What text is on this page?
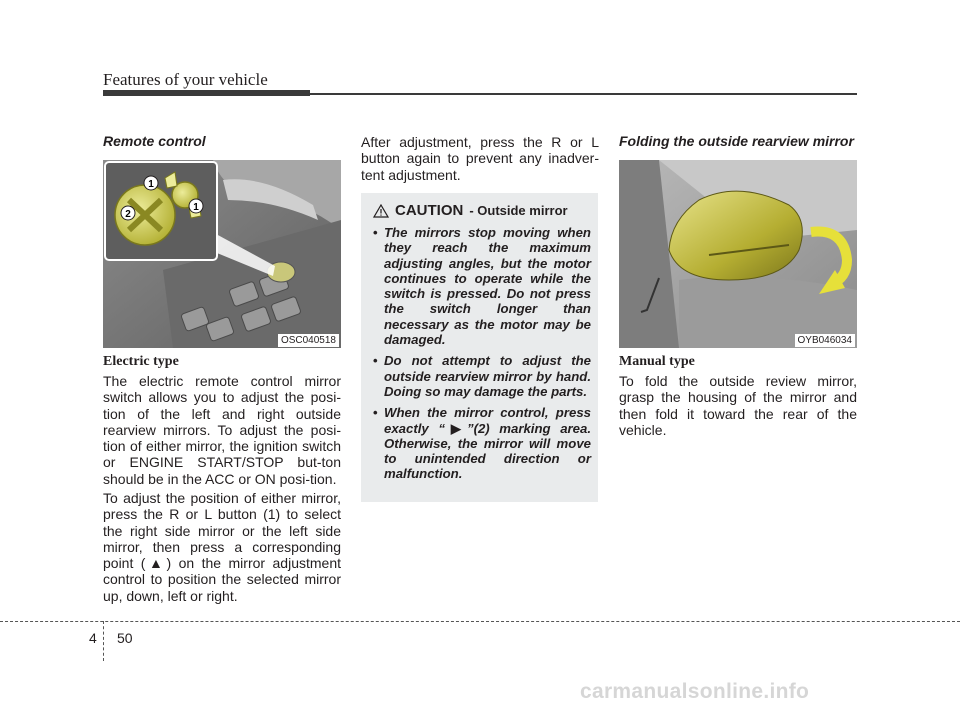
Features of your vehicle
Remote control
1
1
2
OSC040518
Electric type
The electric remote control mirror switch allows you to adjust the posi-tion of the left and right outside rearview mirrors. To adjust the posi-tion of either mirror, the ignition switch or ENGINE START/STOP but-ton should be in the ACC or ON posi-tion.
To adjust the position of either mirror, press the R or L button (1) to select the right side mirror or the left side mirror, then press a corresponding point (▲) on the mirror adjustment control to position the selected mirror up, down, left or right.
After adjustment, press the R or L button again to prevent any inadver-tent adjustment.
CAUTION - Outside mirror
• The mirrors stop moving when they reach the maximum adjusting angles, but the motor continues to operate while the switch is pressed. Do not press the switch longer than necessary as the motor may be damaged.
• Do not attempt to adjust the outside rearview mirror by hand. Doing so may damage the parts.
• When the mirror control, press exactly “▶”(2) marking area. Otherwise, the mirror will move to unintended direction or malfunction.
Folding the outside rearview mirror
OYB046034
Manual type
To fold the outside review mirror, grasp the housing of the mirror and then fold it toward the rear of the vehicle.
4 50
carmanualsonline.info
